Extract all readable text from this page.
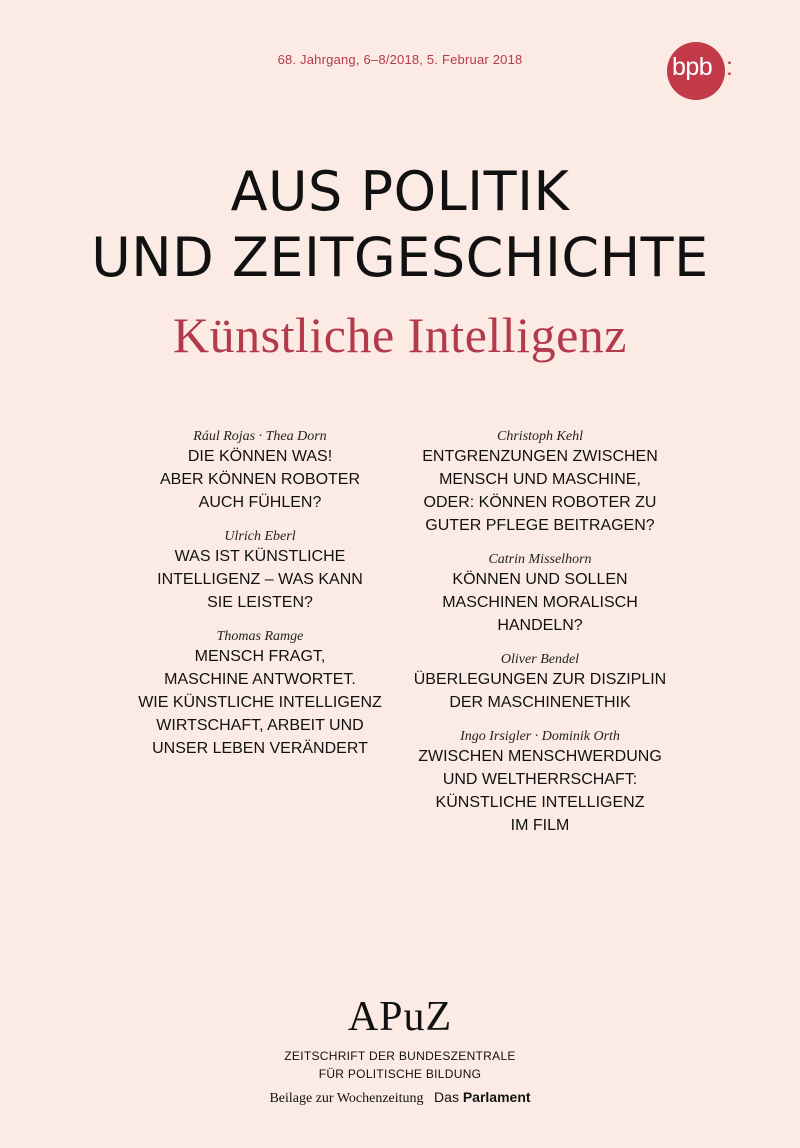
68. Jahrgang, 6–8/2018, 5. Februar 2018	bpb :
AUS POLITIK
UND ZEITGESCHICHTE
Künstliche Intelligenz
Rául Rojas · Thea Dorn
DIE KÖNNEN WAS!
ABER KÖNNEN ROBOTER
AUCH FÜHLEN?
Ulrich Eberl
WAS IST KÜNSTLICHE
INTELLIGENZ – WAS KANN
SIE LEISTEN?
Thomas Ramge
MENSCH FRAGT,
MASCHINE ANTWORTET.
WIE KÜNSTLICHE INTELLIGENZ
WIRTSCHAFT, ARBEIT UND
UNSER LEBEN VERÄNDERT
Christoph Kehl
ENTGRENZUNGEN ZWISCHEN
MENSCH UND MASCHINE,
ODER: KÖNNEN ROBOTER ZU
GUTER PFLEGE BEITRAGEN?
Catrin Misselhorn
KÖNNEN UND SOLLEN
MASCHINEN MORALISCH
HANDELN?
Oliver Bendel
ÜBERLEGUNGEN ZUR DISZIPLIN
DER MASCHINENETHIK
Ingo Irsigler · Dominik Orth
ZWISCHEN MENSCHWERDUNG
UND WELTHERRSCHAFT:
KÜNSTLICHE INTELLIGENZ
IM FILM
APuZ
ZEITSCHRIFT DER BUNDESZENTRALE
FÜR POLITISCHE BILDUNG
Beilage zur Wochenzeitung Das Parlament
